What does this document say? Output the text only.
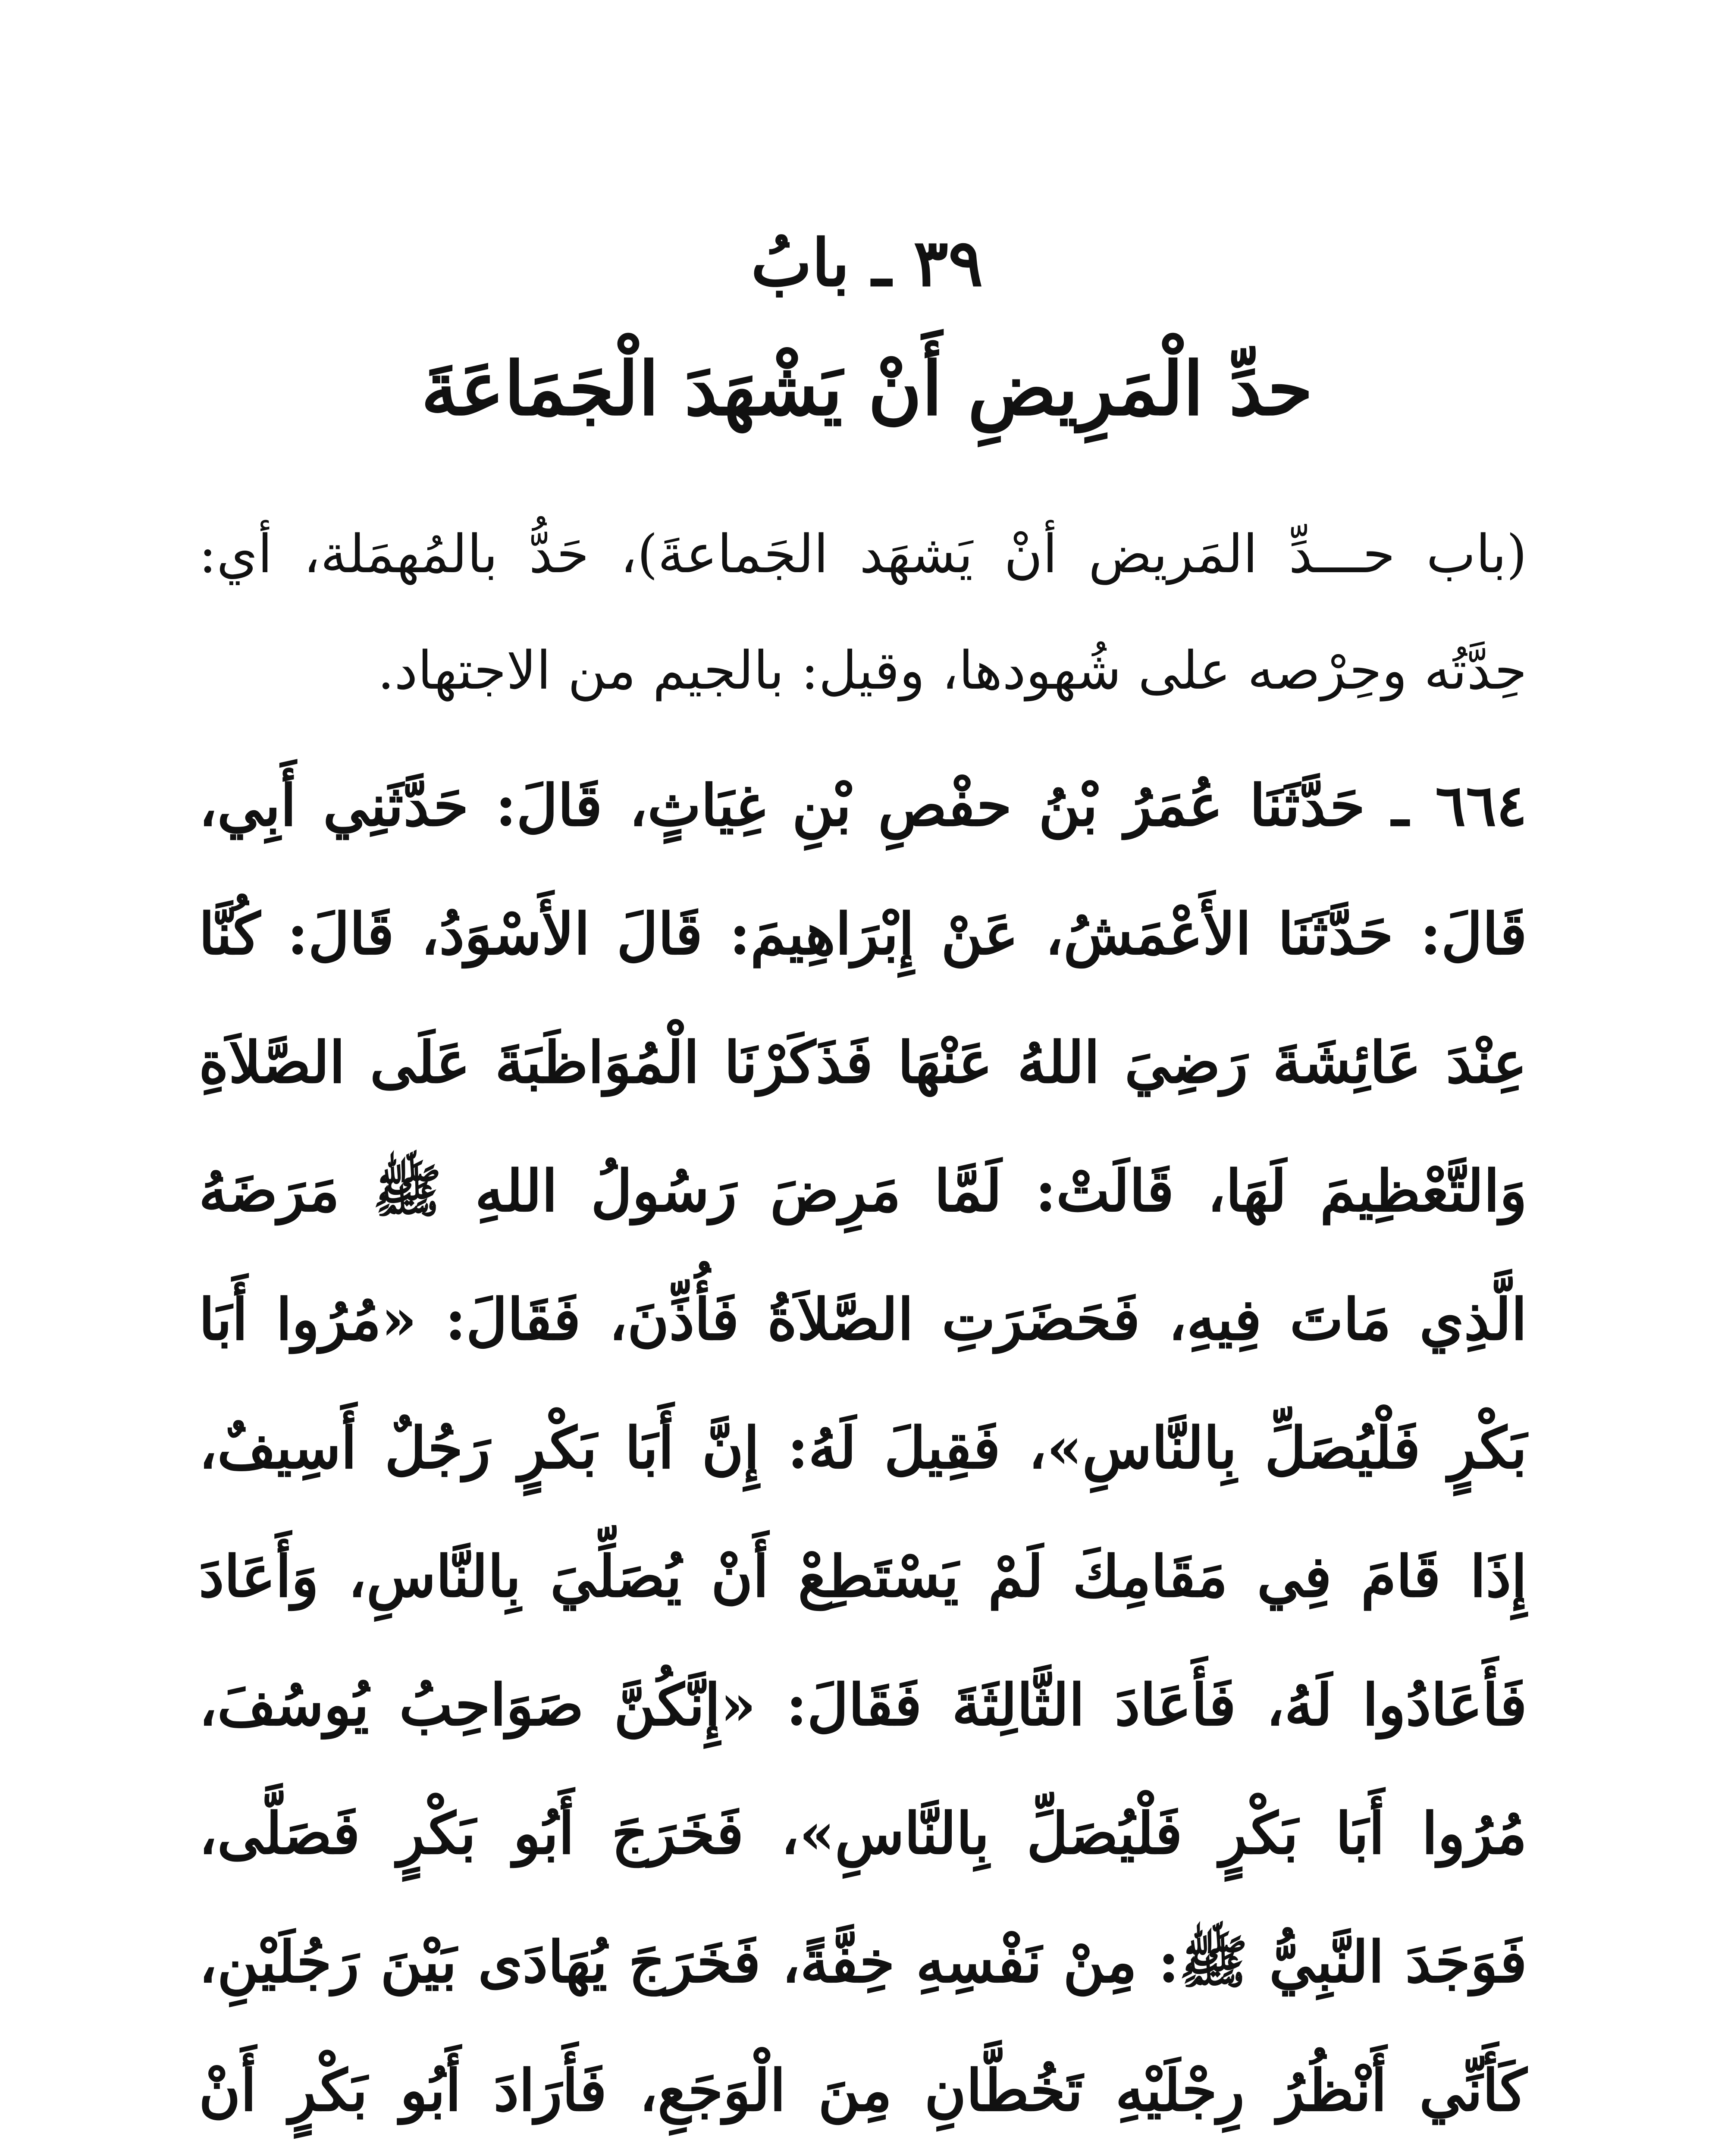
٣٩ ـ بابُ
حدِّ الْمَرِيضِ أَنْ يَشْهَدَ الْجَمَاعَةَ

(باب حـــدِّ المَريض أنْ يَشهَد الجَماعةَ)، حَدُّ بالمُهمَلة، أي: حِدَّتُه وحِرْصه على شُهودها، وقيل: بالجيم من الاجتهاد.

٦٦٤ ـ حَدَّثَنَا عُمَرُ بْنُ حفْصِ بْنِ غِيَاثٍ، قَالَ: حَدَّثَنِي أَبِي، قَالَ: حَدَّثَنَا الأَعْمَشُ، عَنْ إِبْرَاهِيمَ: قَالَ الأَسْوَدُ، قَالَ: كُنَّا عِنْدَ عَائِشَةَ رَضِيَ اللهُ عَنْهَا فَذَكَرْنَا الْمُوَاظَبَةَ عَلَى الصَّلاَةِ وَالتَّعْظِيمَ لَهَا، قَالَتْ: لَمَّا مَرِضَ رَسُولُ اللهِ ﷺ مَرَضَهُ الَّذِي مَاتَ فِيهِ، فَحَضَرَتِ الصَّلاَةُ فَأُذِّنَ، فَقَالَ: «مُرُوا أَبَا بَكْرٍ فَلْيُصَلِّ بِالنَّاسِ»، فَقِيلَ لَهُ: إِنَّ أَبَا بَكْرٍ رَجُلٌ أَسِيفٌ، إِذَا قَامَ فِي مَقَامِكَ لَمْ يَسْتَطِعْ أَنْ يُصَلِّيَ بِالنَّاسِ، وَأَعَادَ فَأَعَادُوا لَهُ، فَأَعَادَ الثَّالِثَةَ فَقَالَ: «إِنَّكُنَّ صَوَاحِبُ يُوسُفَ، مُرُوا أَبَا بَكْرٍ فَلْيُصَلِّ بِالنَّاسِ»، فَخَرَجَ أَبُو بَكْرٍ فَصَلَّى، فَوَجَدَ النَّبِيُّ ﷺ: مِنْ نَفْسِهِ خِفَّةً، فَخَرَجَ يُهَادَى بَيْنَ رَجُلَيْنِ، كَأَنِّي أَنْظُرُ رِجْلَيْهِ تَخُطَّانِ مِنَ الْوَجَعِ، فَأَرَادَ أَبُو بَكْرٍ أَنْ
